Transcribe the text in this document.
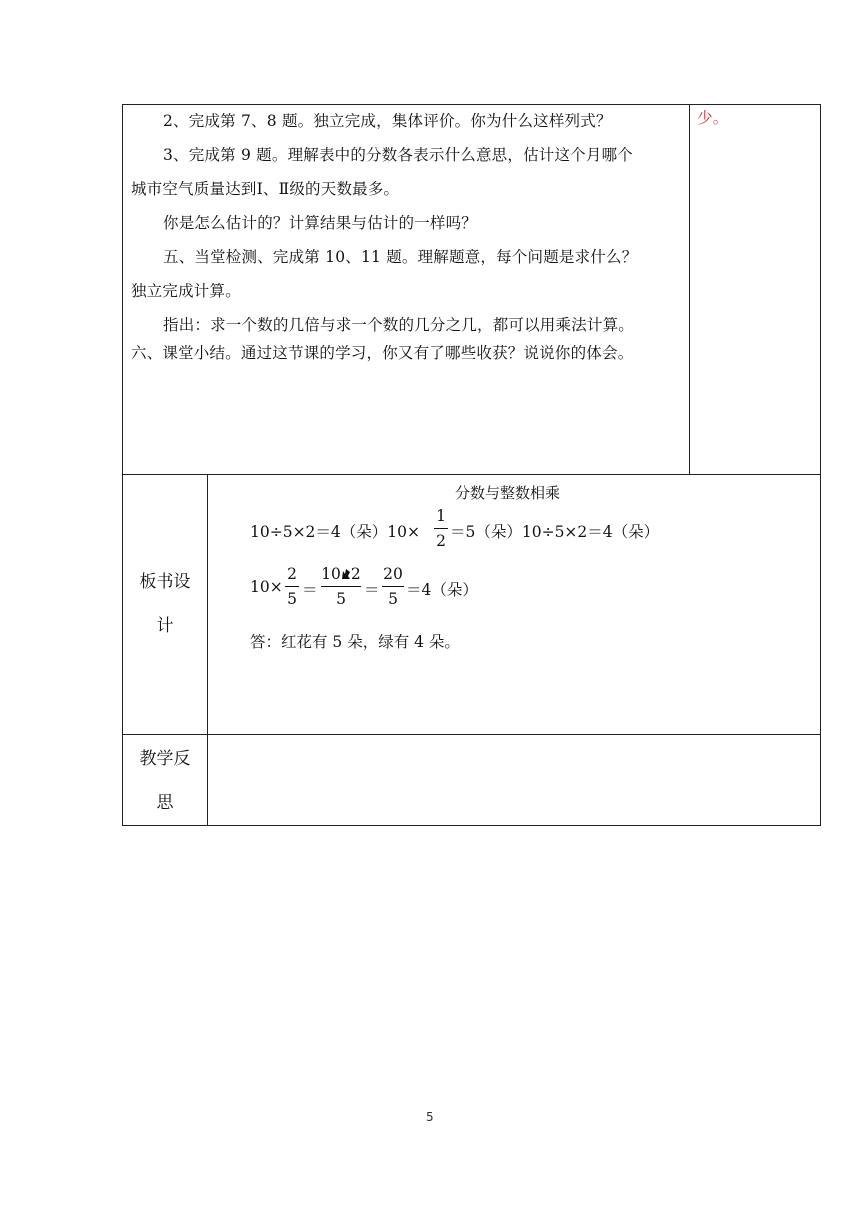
2、完成第 7、8 题。独立完成，集体评价。你为什么这样列式？
3、完成第 9 题。理解表中的分数各表示什么意思，估计这个月哪个
城市空气质量达到Ⅰ、Ⅱ级的天数最多。
你是怎么估计的？计算结果与估计的一样吗？
五、当堂检测、完成第 10、11 题。理解题意，每个问题是求什么？
独立完成计算。
指出：求一个数的几倍与求一个数的几分之几，都可以用乘法计算。
六、课堂小结。通过这节课的学习，你又有了哪些收获？说说你的体会。
少。
板书设
计
分数与整数相乘
10÷5×2＝4（朵）10×
1
2 ＝5（朵）10÷5×2＝4（朵）
10×
2
5 ＝
10 2
5	＝
20
5 ＝4（朵）
答：红花有 5 朵，绿有 4 朵。
教学反
思
5
